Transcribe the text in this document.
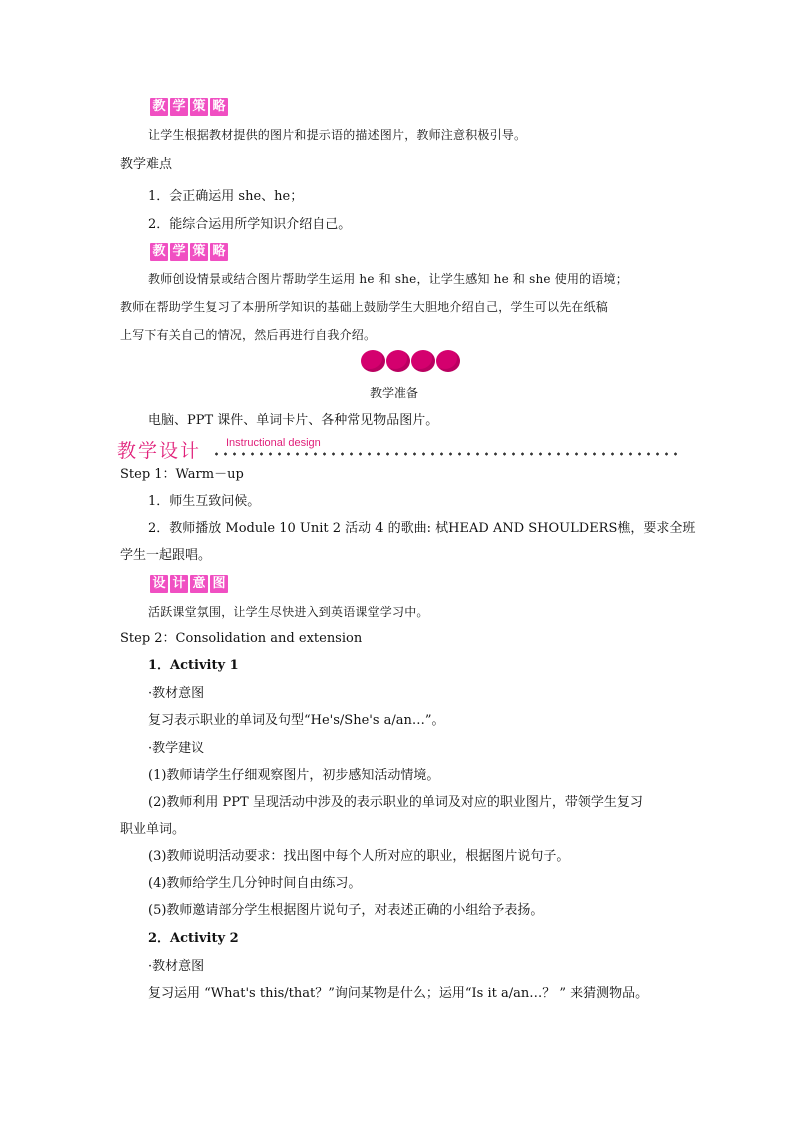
教 学 策 略
让学生根据教材提供的图片和提示语的描述图片，教师注意积极引导。
教学难点
1．会正确运用 she、he；
2．能综合运用所学知识介绍自己。
教 学 策 略
教师创设情景或结合图片帮助学生运用 he 和 she，让学生感知 he 和 she 使用的语境；
教师在帮助学生复习了本册所学知识的基础上鼓励学生大胆地介绍自己，学生可以先在纸稿
上写下有关自己的情况，然后再进行自我介绍。
教学准备
电脑、PPT 课件、单词卡片、各种常见物品图片。
教学设计 Instructional design
Step 1：Warm－up
1．师生互致问候。
2．教师播放 Module 10 Unit 2 活动 4 的歌曲: 栻HEAD AND SHOULDERS樵，要求全班
学生一起跟唱。
设 计 意 图
活跃课堂氛围，让学生尽快进入到英语课堂学习中。
Step 2：Consolidation and extension
1．Activity 1
·教材意图
复习表示职业的单词及句型“He's/She's a/an…”。
·教学建议
(1)教师请学生仔细观察图片，初步感知活动情境。
(2)教师利用 PPT 呈现活动中涉及的表示职业的单词及对应的职业图片，带领学生复习
职业单词。
(3)教师说明活动要求：找出图中每个人所对应的职业，根据图片说句子。
(4)教师给学生几分钟时间自由练习。
(5)教师邀请部分学生根据图片说句子，对表述正确的小组给予表扬。
2．Activity 2
·教材意图
复习运用 “What's this/that？”询问某物是什么；运用“Is it a/an…？ ” 来猜测物品。
